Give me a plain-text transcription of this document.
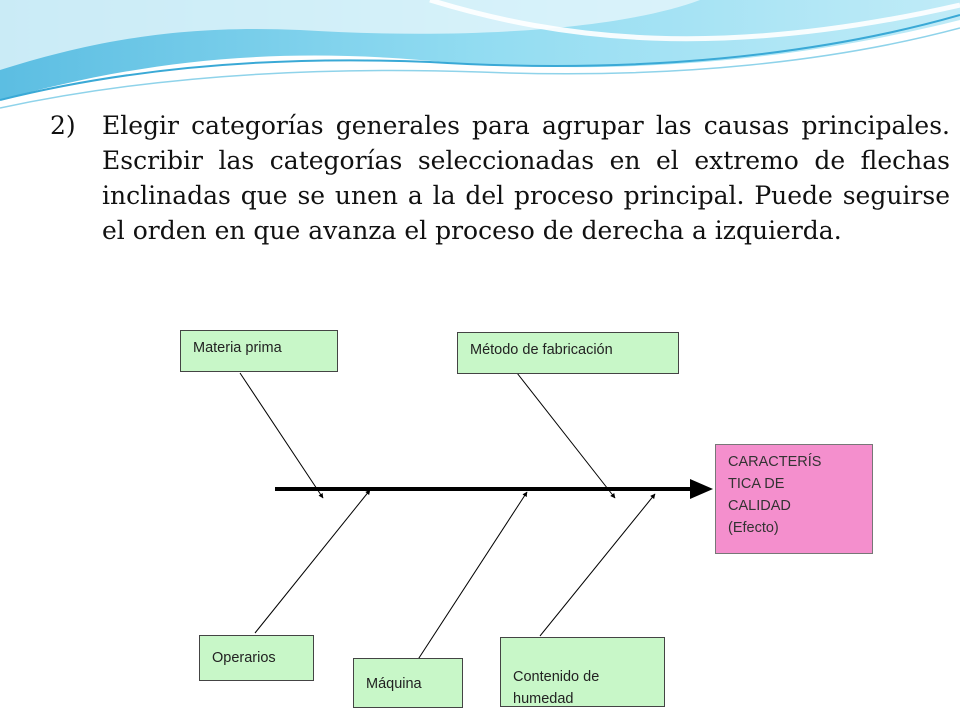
2)	Elegir categorías generales para agrupar las causas principales. Escribir las categorías seleccionadas en el extremo de flechas inclinadas que se unen a la del proceso principal. Puede seguirse el orden en que avanza el proceso de derecha a izquierda.
Materia prima	Método de fabricación
Operarios
Máquina	Contenido de
humedad

CARACTERÍS
TICA DE
CALIDAD
(Efecto)
